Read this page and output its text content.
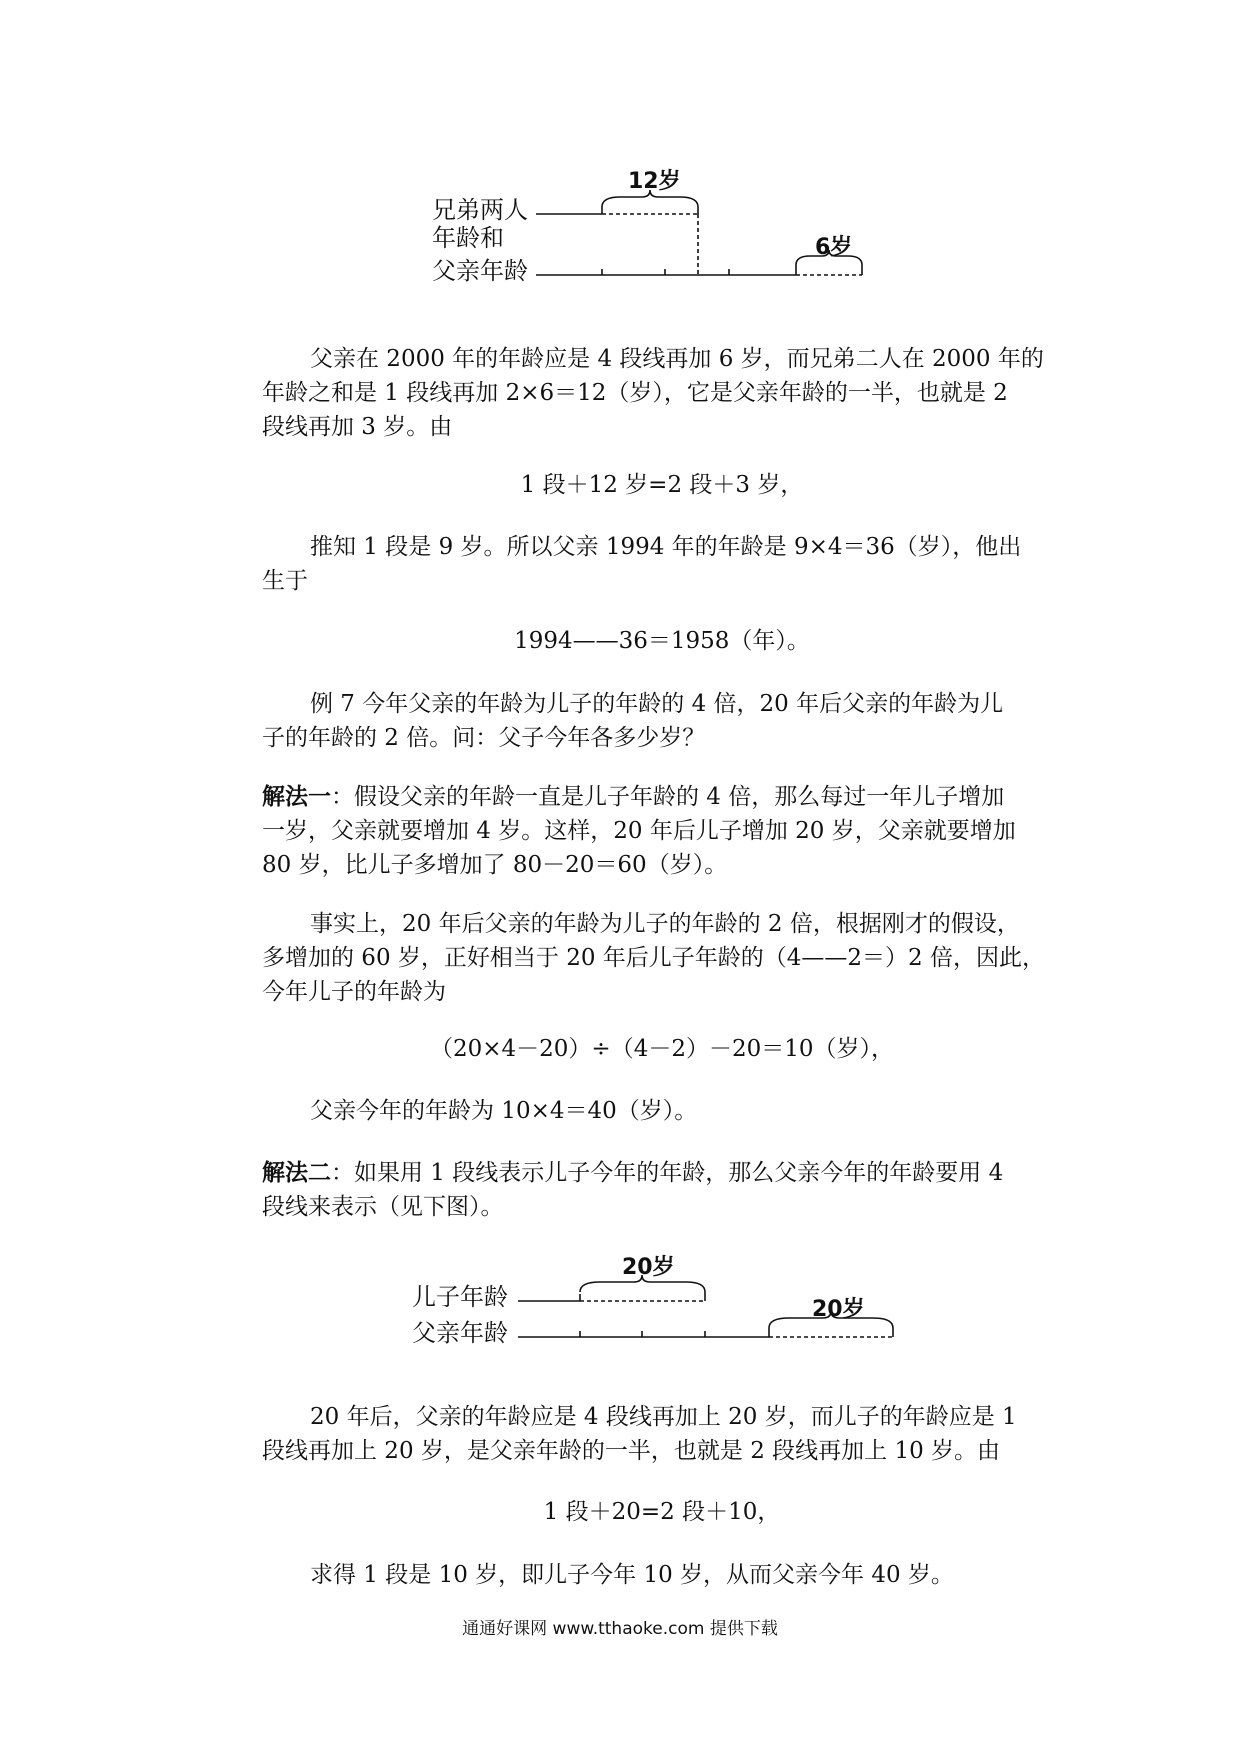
兄弟两人
年龄和
父亲年龄
12岁
6岁
父亲在 2000 年的年龄应是 4 段线再加 6 岁，而兄弟二人在 2000 年的
年龄之和是 1 段线再加 2×6＝12（岁），它是父亲年龄的一半，也就是 2
段线再加 3 岁。由
1 段＋12 岁=2 段＋3 岁，
推知 1 段是 9 岁。所以父亲 1994 年的年龄是 9×4＝36（岁），他出
生于
1994——36＝1958（年）。
例 7 今年父亲的年龄为儿子的年龄的 4 倍，20 年后父亲的年龄为儿
子的年龄的 2 倍。问：父子今年各多少岁？
解法一：假设父亲的年龄一直是儿子年龄的 4 倍，那么每过一年儿子增加
一岁，父亲就要增加 4 岁。这样，20 年后儿子增加 20 岁，父亲就要增加
80 岁，比儿子多增加了 80－20＝60（岁）。
事实上，20 年后父亲的年龄为儿子的年龄的 2 倍，根据刚才的假设，
多增加的 60 岁，正好相当于 20 年后儿子年龄的（4——2＝）2 倍，因此，
今年儿子的年龄为
（20×4－20）÷（4－2）－20＝10（岁），
父亲今年的年龄为 10×4＝40（岁）。
解法二：如果用 1 段线表示儿子今年的年龄，那么父亲今年的年龄要用 4
段线来表示（见下图）。
儿子年龄
父亲年龄
20岁
20岁
20 年后，父亲的年龄应是 4 段线再加上 20 岁，而儿子的年龄应是 1
段线再加上 20 岁，是父亲年龄的一半，也就是 2 段线再加上 10 岁。由
1 段＋20=2 段＋10，
求得 1 段是 10 岁，即儿子今年 10 岁，从而父亲今年 40 岁。
通通好课网 www.tthaoke.com 提供下载
